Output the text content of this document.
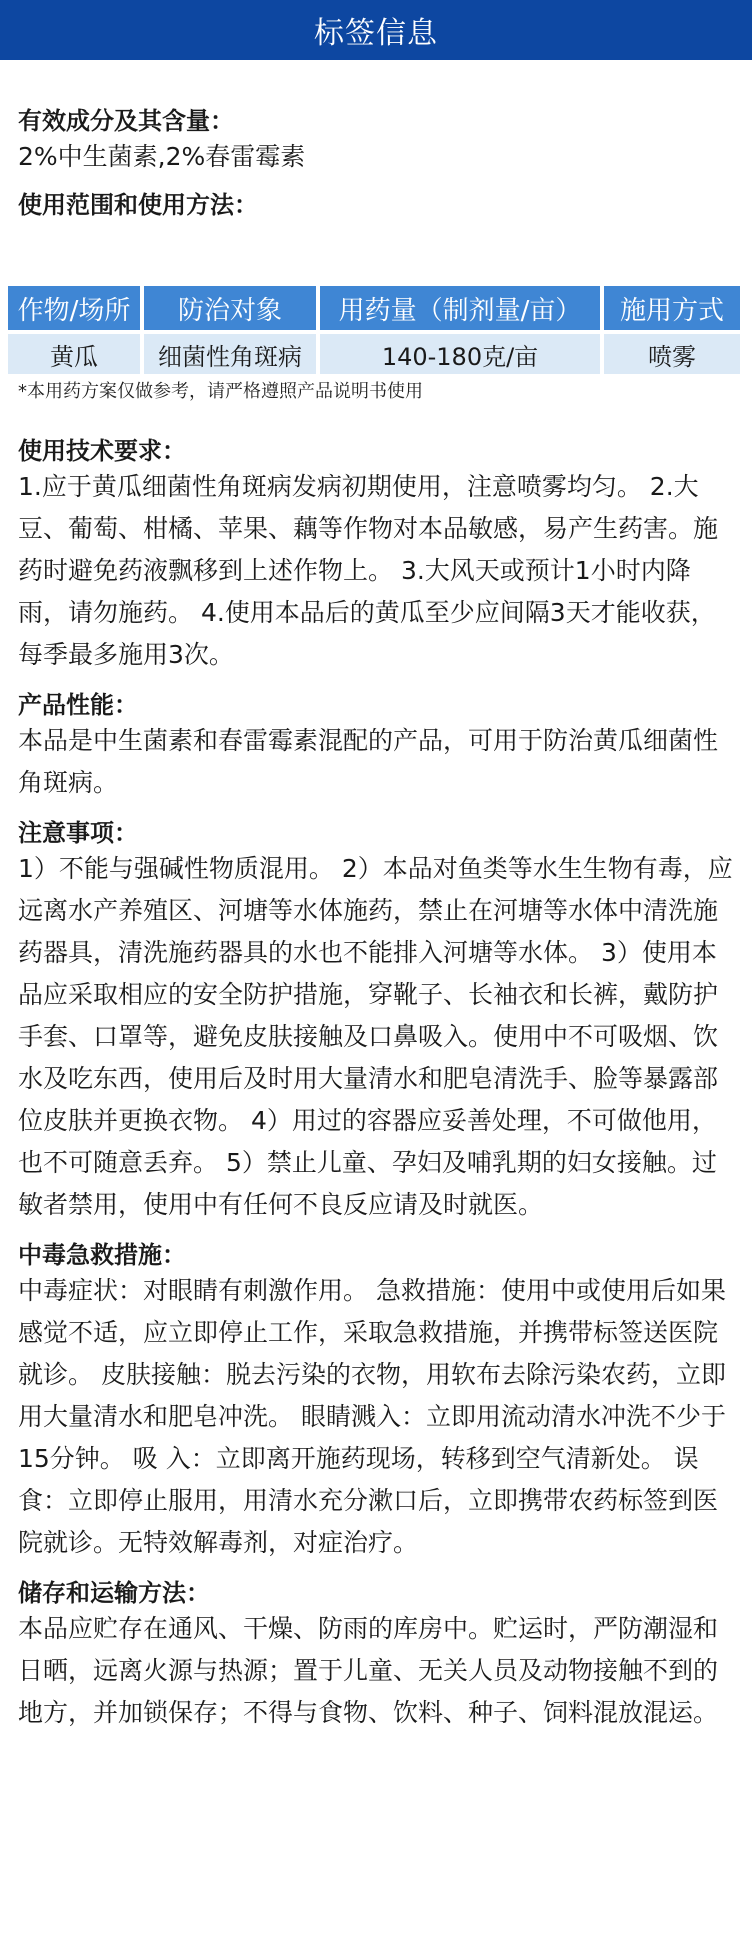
标签信息
有效成分及其含量：

2%中生菌素,2%春雷霉素

使用范围和使用方法：
作物/场所	防治对象	用药量（制剂量/亩）	施用方式
黄瓜	细菌性角斑病	140-180克/亩	喷雾
*本用药方案仅做参考，请严格遵照产品说明书使用
使用技术要求：

1.应于黄瓜细菌性角斑病发病初期使用，注意喷雾均匀。 2.大豆、葡萄、柑橘、苹果、藕等作物对本品敏感，易产生药害。施药时避免药液飘移到上述作物上。 3.大风天或预计1小时内降雨，请勿施药。 4.使用本品后的黄瓜至少应间隔3天才能收获，每季最多施用3次。

产品性能：

本品是中生菌素和春雷霉素混配的产品，可用于防治黄瓜细菌性角斑病。

注意事项：

1）不能与强碱性物质混用。 2）本品对鱼类等水生生物有毒，应远离水产养殖区、河塘等水体施药，禁止在河塘等水体中清洗施药器具，清洗施药器具的水也不能排入河塘等水体。 3）使用本品应采取相应的安全防护措施，穿靴子、长袖衣和长裤，戴防护手套、口罩等，避免皮肤接触及口鼻吸入。使用中不可吸烟、饮水及吃东西，使用后及时用大量清水和肥皂清洗手、脸等暴露部位皮肤并更换衣物。 4）用过的容器应妥善处理，不可做他用，也不可随意丢弃。 5）禁止儿童、孕妇及哺乳期的妇女接触。过敏者禁用，使用中有任何不良反应请及时就医。

中毒急救措施：

中毒症状：对眼睛有刺激作用。 急救措施：使用中或使用后如果感觉不适，应立即停止工作，采取急救措施，并携带标签送医院就诊。 皮肤接触：脱去污染的衣物，用软布去除污染农药，立即用大量清水和肥皂冲洗。 眼睛溅入：立即用流动清水冲洗不少于15分钟。 吸 入：立即离开施药现场，转移到空气清新处。 误 食：立即停止服用，用清水充分漱口后，立即携带农药标签到医院就诊。无特效解毒剂，对症治疗。

储存和运输方法：

本品应贮存在通风、干燥、防雨的库房中。贮运时，严防潮湿和日晒，远离火源与热源；置于儿童、无关人员及动物接触不到的地方，并加锁保存；不得与食物、饮料、种子、饲料混放混运。
